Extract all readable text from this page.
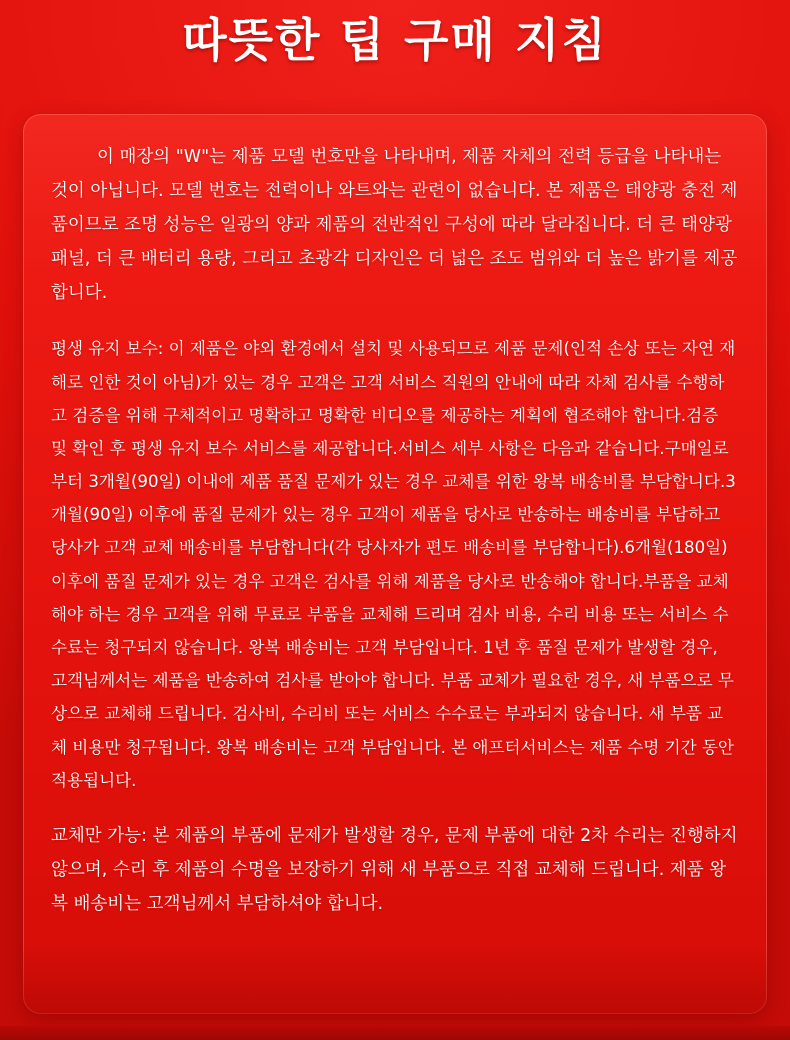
따뜻한 팁 구매 지침

이 매장의 "W"는 제품 모델 번호만을 나타내며, 제품 자체의 전력 등급을 나타내는 것이 아닙니다. 모델 번호는 전력이나 와트와는 관련이 없습니다. 본 제품은 태양광 충전 제품이므로 조명 성능은 일광의 양과 제품의 전반적인 구성에 따라 달라집니다. 더 큰 태양광 패널, 더 큰 배터리 용량, 그리고 초광각 디자인은 더 넓은 조도 범위와 더 높은 밝기를 제공합니다.

평생 유지 보수: 이 제품은 야외 환경에서 설치 및 사용되므로 제품 문제(인적 손상 또는 자연 재해로 인한 것이 아님)가 있는 경우 고객은 고객 서비스 직원의 안내에 따라 자체 검사를 수행하고 검증을 위해 구체적이고 명확하고 명확한 비디오를 제공하는 계획에 협조해야 합니다.검증 및 확인 후 평생 유지 보수 서비스를 제공합니다.서비스 세부 사항은 다음과 같습니다.구매일로부터 3개월(90일) 이내에 제품 품질 문제가 있는 경우 교체를 위한 왕복 배송비를 부담합니다.3개월(90일) 이후에 품질 문제가 있는 경우 고객이 제품을 당사로 반송하는 배송비를 부담하고 당사가 고객 교체 배송비를 부담합니다(각 당사자가 편도 배송비를 부담합니다).6개월(180일) 이후에 품질 문제가 있는 경우 고객은 검사를 위해 제품을 당사로 반송해야 합니다.부품을 교체해야 하는 경우 고객을 위해 무료로 부품을 교체해 드리며 검사 비용, 수리 비용 또는 서비스 수수료는 청구되지 않습니다. 왕복 배송비는 고객 부담입니다. 1년 후 품질 문제가 발생할 경우, 고객님께서는 제품을 반송하여 검사를 받아야 합니다. 부품 교체가 필요한 경우, 새 부품으로 무상으로 교체해 드립니다. 검사비, 수리비 또는 서비스 수수료는 부과되지 않습니다. 새 부품 교체 비용만 청구됩니다. 왕복 배송비는 고객 부담입니다. 본 애프터서비스는 제품 수명 기간 동안 적용됩니다.

교체만 가능: 본 제품의 부품에 문제가 발생할 경우, 문제 부품에 대한 2차 수리는 진행하지 않으며, 수리 후 제품의 수명을 보장하기 위해 새 부품으로 직접 교체해 드립니다. 제품 왕복 배송비는 고객님께서 부담하셔야 합니다.
